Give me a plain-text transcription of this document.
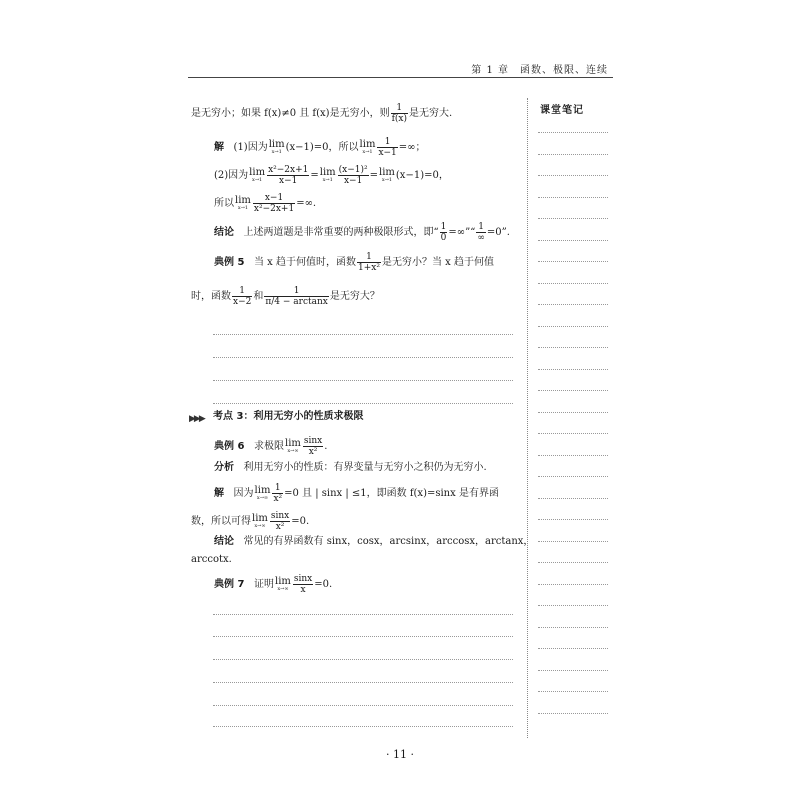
第 1 章　函数、极限、连续
课堂笔记
是无穷小；如果 f(x)≠0 且 f(x)是无穷小，则 $\frac{1}{f(x)}$ 是无穷大.
解 (1)因为lim
x→1 (x−1)=0，所以lim
$x\to 1 \frac{1}{x-1}$ =∞；
(2)因为lim
$x\to 1 \frac{\text{x²−2x+1}}{x-1} =\lim$
$x\to 1 \frac{\text{(x−1)²}}{x-1} =\lim$
x→1 (x−1)=0，
所以lim
$x\to 1 \frac{x-1}{\text{x²−2x+1}}$ =∞.
结论 上述两道题是非常重要的两种极限形式，即“ $\frac{1}{0}$ =∞”“ $\frac{1}{\infty} =0$”.
典例 5 当 x 趋于何值时，函数 $\frac{1}{\text{1+x²}}$ 是无穷小？当 x 趋于何值
时，函数 $\frac{1}{x-2}$ 和 $\frac{1}{\pi/4 - \arctan x}$ 是无穷大？
▶▶▶ 考点 3：利用无穷小的性质求极限
典例 6 求极限lim
$x\to\infty \frac{\sin x}{\text{x²}}$ .
分析 利用无穷小的性质：有界变量与无穷小之积仍为无穷小.
解 因为lim
$x\to\infty \frac{1}{\text{x²}} =0$ 且 | sinx | ≤1，即函数 f(x)=sinx 是有界函
数，所以可得lim
$x\to\infty \frac{\sin x}{\text{x²}} =0$.
结论 常见的有界函数有 sinx，cosx，arcsinx，arccosx，arctanx，
arccotx.
典例 7 证明lim
$x\to\infty \frac{\sin x}{x} =0$.
· 11 ·
